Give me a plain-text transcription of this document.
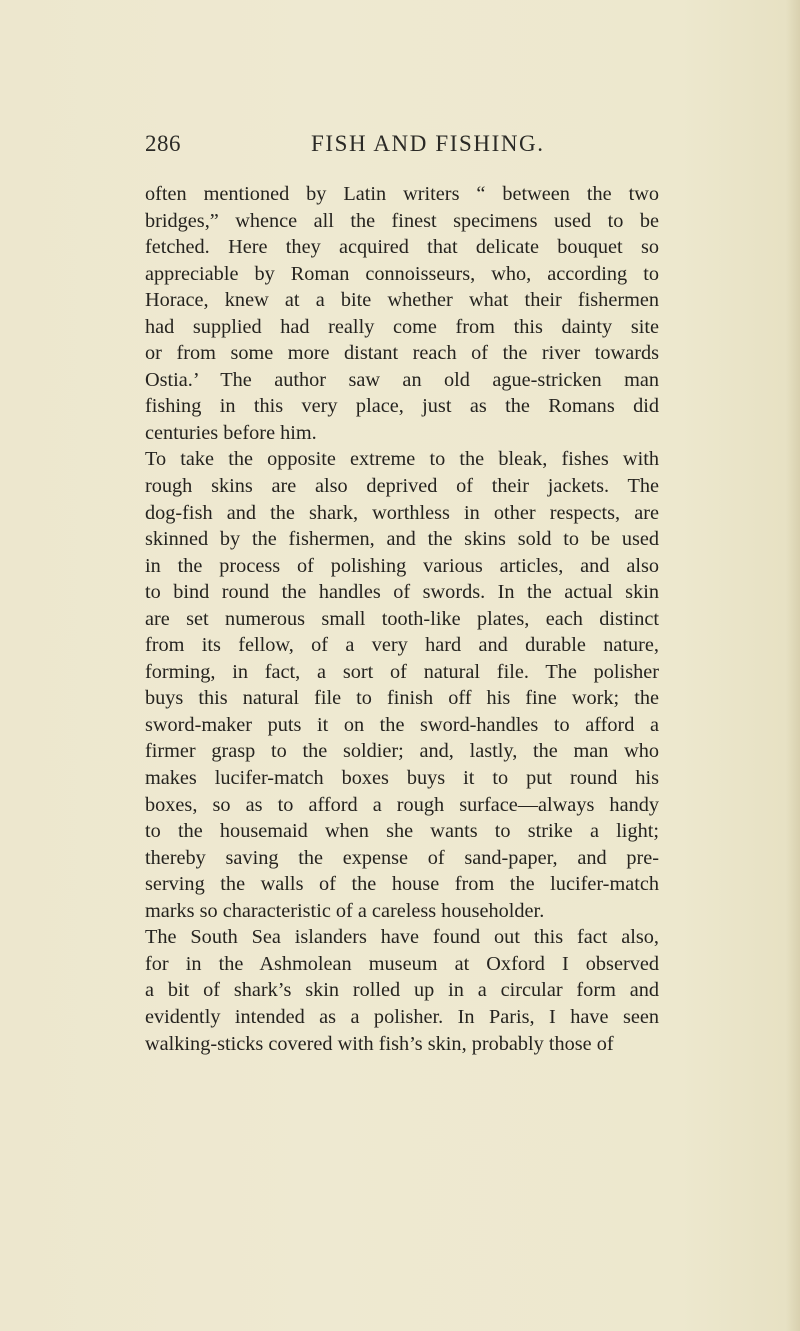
286	FISH AND FISHING.
often mentioned by Latin writers “ between the two
bridges,” whence all the finest specimens used to be
fetched. Here they acquired that delicate bouquet so
appreciable by Roman connoisseurs, who, according to
Horace, knew at a bite whether what their fishermen
had supplied had really come from this dainty site
or from some more distant reach of the river towards
Ostia.’ The author saw an old ague-stricken man
fishing in this very place, just as the Romans did
centuries before him.
To take the opposite extreme to the bleak, fishes with
rough skins are also deprived of their jackets. The
dog-fish and the shark, worthless in other respects, are
skinned by the fishermen, and the skins sold to be used
in the process of polishing various articles, and also
to bind round the handles of swords. In the actual skin
are set numerous small tooth-like plates, each distinct
from its fellow, of a very hard and durable nature,
forming, in fact, a sort of natural file. The polisher
buys this natural file to finish off his fine work; the
sword-maker puts it on the sword-handles to afford a
firmer grasp to the soldier; and, lastly, the man who
makes lucifer-match boxes buys it to put round his
boxes, so as to afford a rough surface—always handy
to the housemaid when she wants to strike a light;
thereby saving the expense of sand-paper, and pre-
serving the walls of the house from the lucifer-match
marks so characteristic of a careless householder.
The South Sea islanders have found out this fact also,
for in the Ashmolean museum at Oxford I observed
a bit of shark’s skin rolled up in a circular form and
evidently intended as a polisher. In Paris, I have seen
walking-sticks covered with fish’s skin, probably those of
